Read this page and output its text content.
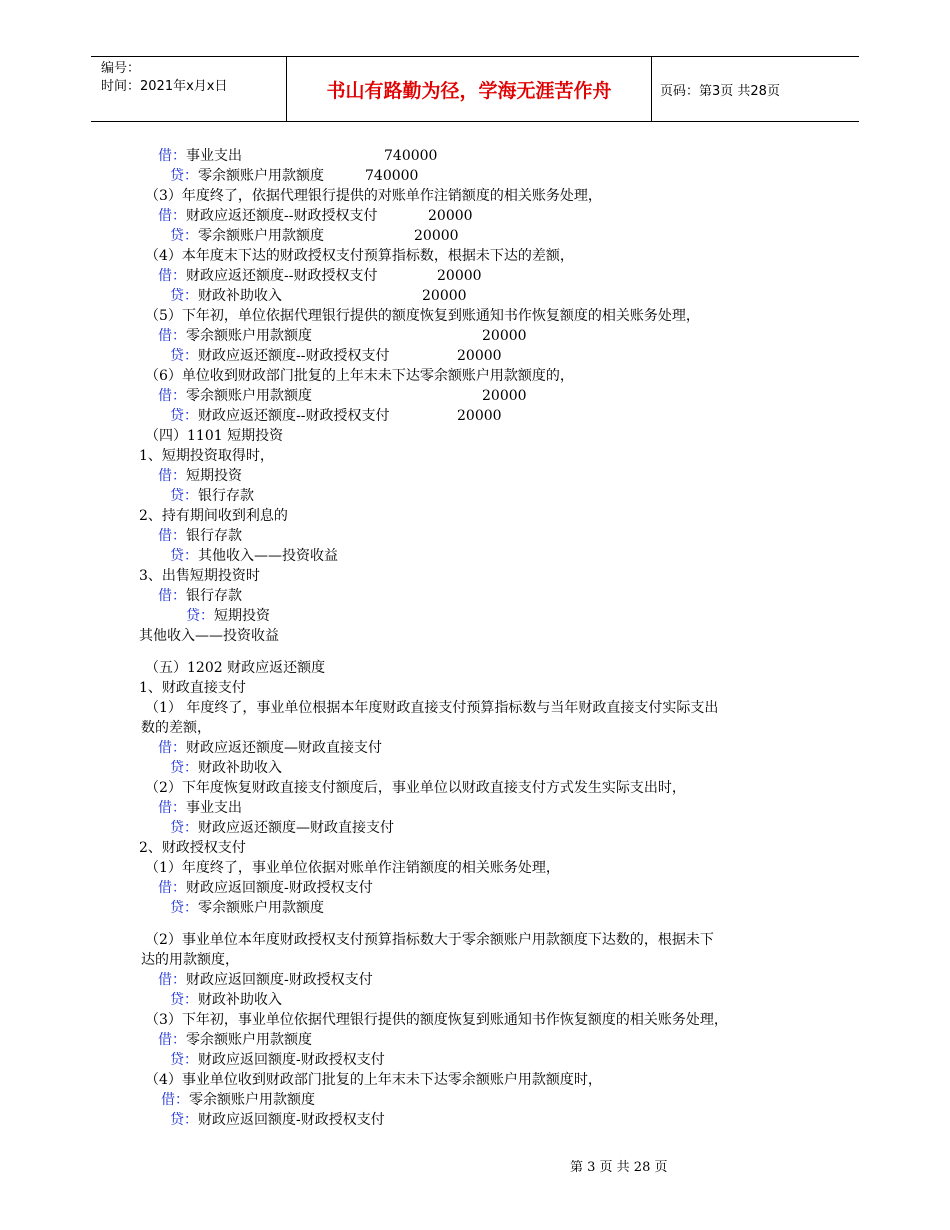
编号：
时间：2021年x月x日	书山有路勤为径，学海无涯苦作舟	页码：第3页 共28页
借：事业支出	740000
贷：零余额账户用款额度	740000
（3）年度终了，依据代理银行提供的对账单作注销额度的相关账务处理，
借：财政应返还额度--财政授权支付	20000
贷：零余额账户用款额度	20000
（4）本年度末下达的财政授权支付预算指标数，根据未下达的差额，
借：财政应返还额度--财政授权支付	20000
贷：财政补助收入	20000
（5）下年初，单位依据代理银行提供的额度恢复到账通知书作恢复额度的相关账务处理，
借：零余额账户用款额度	20000
贷：财政应返还额度--财政授权支付	20000
（6）单位收到财政部门批复的上年末未下达零余额账户用款额度的，
借：零余额账户用款额度	20000
贷：财政应返还额度--财政授权支付	20000
（四）1101 短期投资
1、短期投资取得时，
借：短期投资
贷：银行存款
2、持有期间收到利息的
借：银行存款
贷：其他收入——投资收益
3、出售短期投资时
借：银行存款
贷：短期投资
其他收入——投资收益
（五）1202 财政应返还额度
1、财政直接支付
（1） 年度终了，事业单位根据本年度财政直接支付预算指标数与当年财政直接支付实际支出
数的差额，
借：财政应返还额度—财政直接支付
贷：财政补助收入
（2）下年度恢复财政直接支付额度后，事业单位以财政直接支付方式发生实际支出时，
借：事业支出
贷：财政应返还额度—财政直接支付
2、财政授权支付
（1）年度终了，事业单位依据对账单作注销额度的相关账务处理，
借：财政应返回额度-财政授权支付
贷：零余额账户用款额度
（2）事业单位本年度财政授权支付预算指标数大于零余额账户用款额度下达数的，根据未下
达的用款额度，
借：财政应返回额度-财政授权支付
贷：财政补助收入
（3）下年初，事业单位依据代理银行提供的额度恢复到账通知书作恢复额度的相关账务处理，
借：零余额账户用款额度
贷：财政应返回额度-财政授权支付
（4）事业单位收到财政部门批复的上年末未下达零余额账户用款额度时，
借：零余额账户用款额度
贷：财政应返回额度-财政授权支付
第 3 页 共 28 页
